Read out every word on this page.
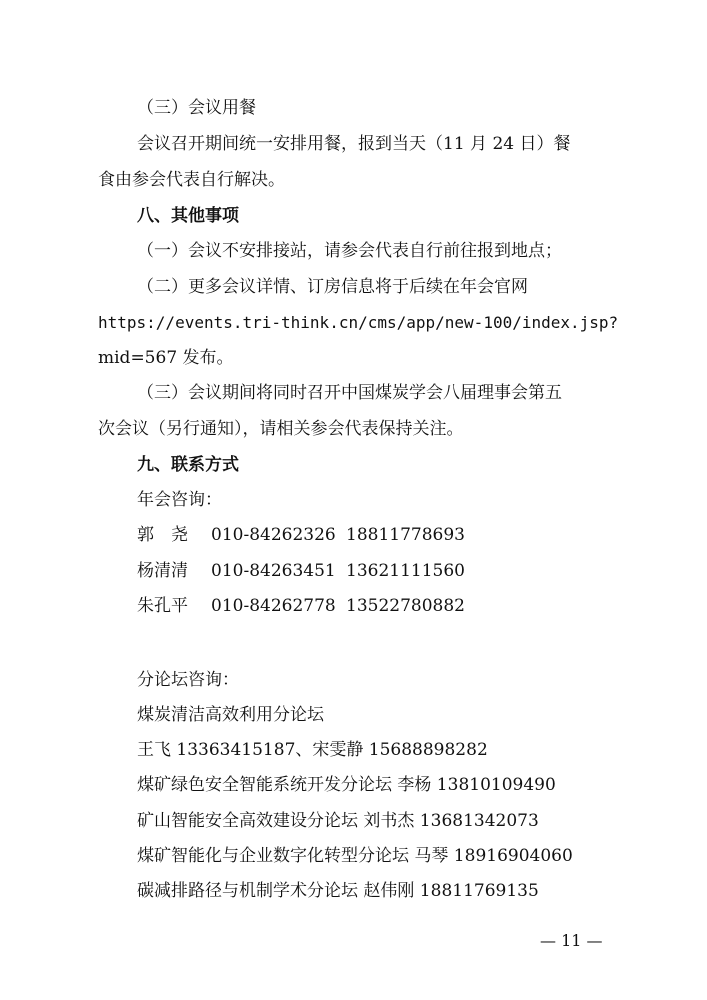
（三）会议用餐
会议召开期间统一安排用餐，报到当天（11 月 24 日）餐
食由参会代表自行解决。
八、其他事项
（一）会议不安排接站，请参会代表自行前往报到地点；
（二）更多会议详情、订房信息将于后续在年会官网
https://events.tri-think.cn/cms/app/new-100/index.jsp?
mid=567 发布。
（三）会议期间将同时召开中国煤炭学会八届理事会第五
次会议（另行通知），请相关参会代表保持关注。
九、联系方式
年会咨询：
郭　尧 010-84262326 18811778693
杨清清 010-84263451 13621111560
朱孔平 010-84262778 13522780882
分论坛咨询：
煤炭清洁高效利用分论坛
王飞 13363415187、宋雯静 15688898282
煤矿绿色安全智能系统开发分论坛 李杨 13810109490
矿山智能安全高效建设分论坛 刘书杰 13681342073
煤矿智能化与企业数字化转型分论坛 马琴 18916904060
碳减排路径与机制学术分论坛 赵伟刚 18811769135
— 11 —
